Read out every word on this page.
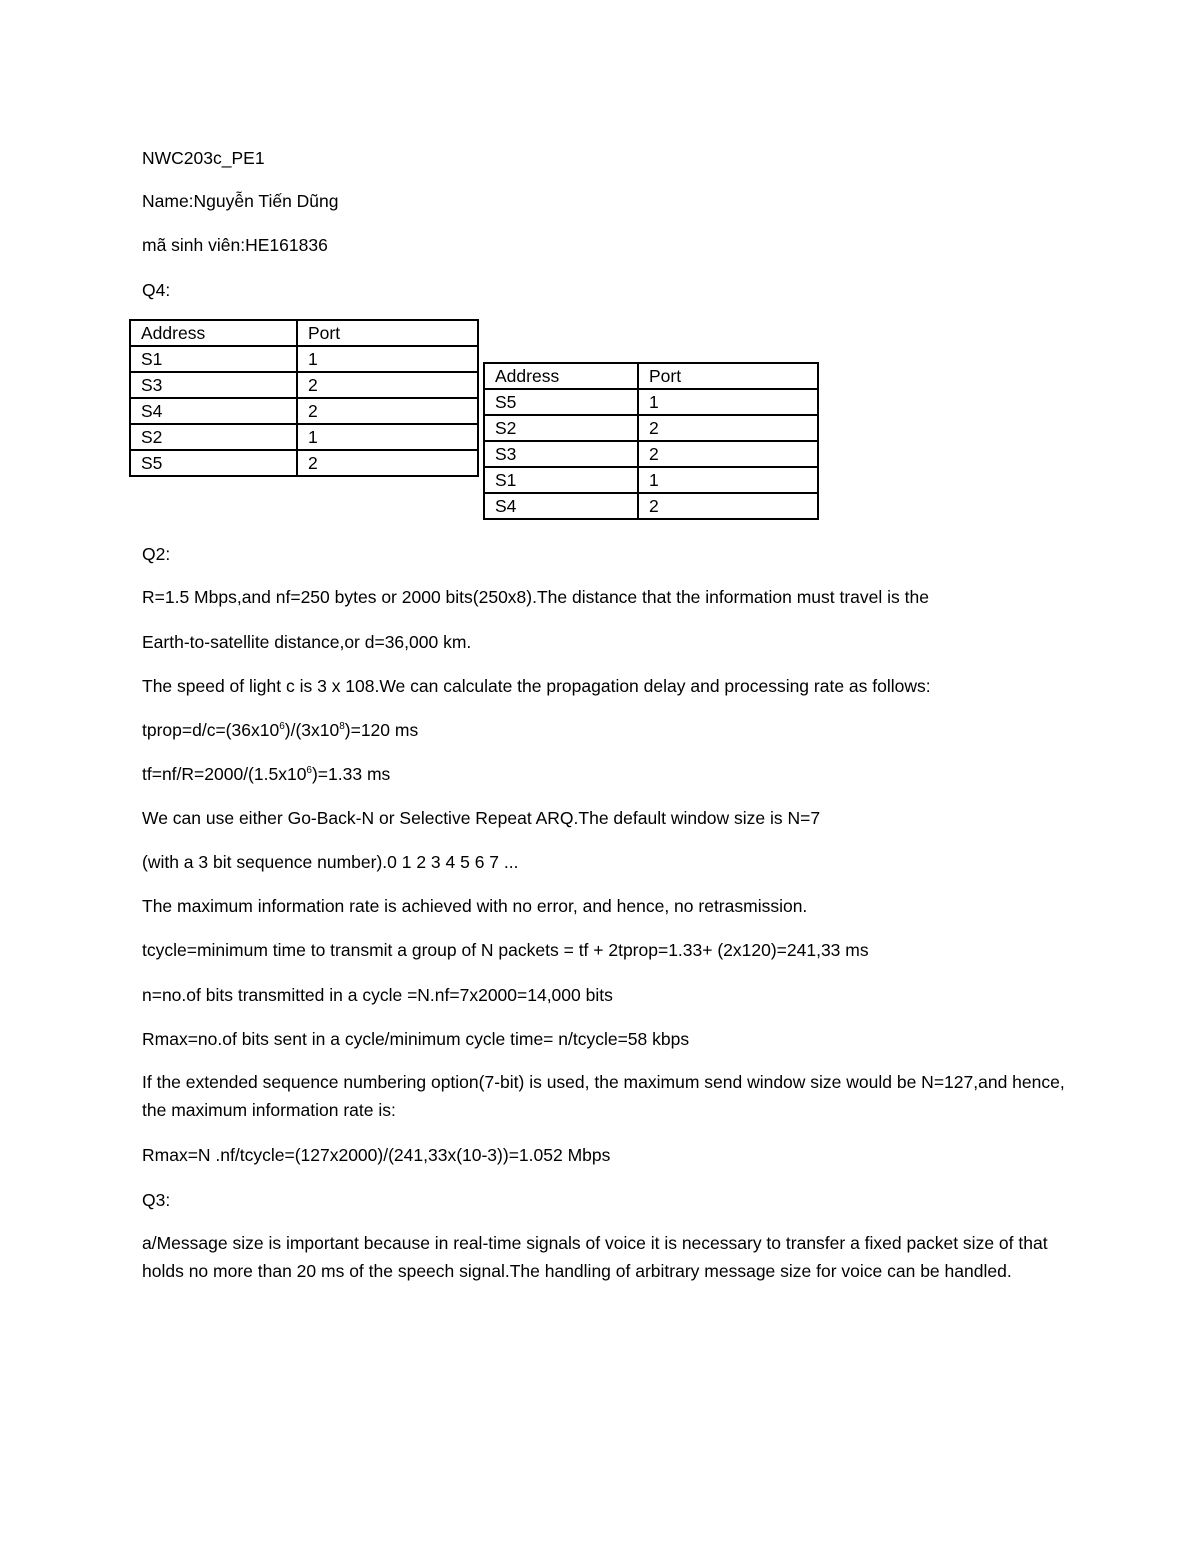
NWC203c_PE1
Name:Nguyễn Tiến Dũng
mã sinh viên:HE161836
Q4:
Address	Port
S1	1
S3	2
S4	2
S2	1
S5	2
Address	Port
S5	1
S2	2
S3	2
S1	1
S4	2
Q2:
R=1.5 Mbps,and nf=250 bytes or 2000 bits(250x8).The distance that the information must travel is the
Earth-to-satellite distance,or d=36,000 km.
The speed of light c is 3 x 108.We can calculate the propagation delay and processing rate as follows:
$tprop=d/c=(36x10^6)/(3x10^8)=120$ ms
$tf=nf/R=2000/(1.5x10^6)=1.33$ ms
We can use either Go-Back-N or Selective Repeat ARQ.The default window size is N=7
(with a 3 bit sequence number).0 1 2 3 4 5 6 7 ...
The maximum information rate is achieved with no error, and hence, no retrasmission.
tcycle=minimum time to transmit a group of N packets = tf + 2tprop=1.33+ (2x120)=241,33 ms
n=no.of bits transmitted in a cycle =N.nf=7x2000=14,000 bits
Rmax=no.of bits sent in a cycle/minimum cycle time= n/tcycle=58 kbps
If the extended sequence numbering option(7-bit) is used, the maximum send window size would be N=127,and hence, the maximum information rate is:
Rmax=N .nf/tcycle=(127x2000)/(241,33x(10-3))=1.052 Mbps
Q3:
a/Message size is important because in real-time signals of voice it is necessary to transfer a fixed packet size of that holds no more than 20 ms of the speech signal.The handling of arbitrary message size for voice can be handled.
